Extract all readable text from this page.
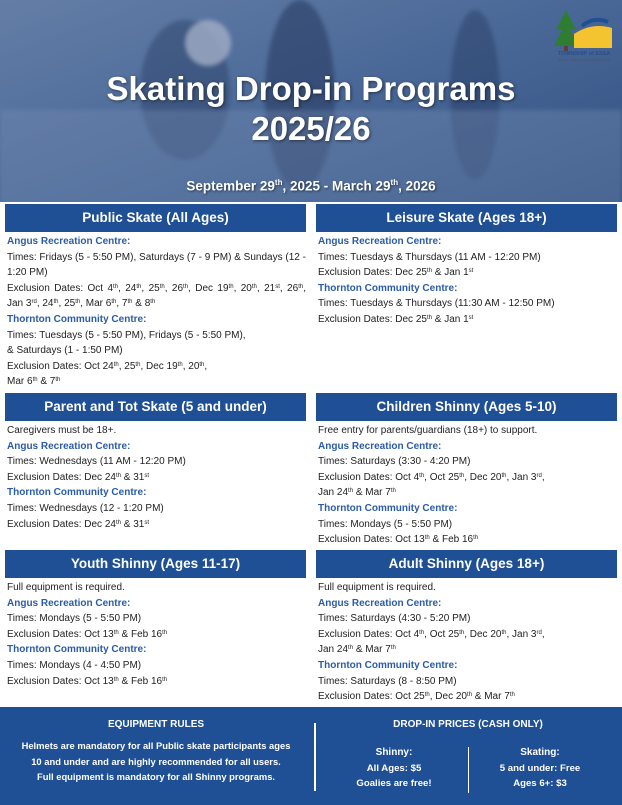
TOWNSHIP of ESSA
Where Town and Country Meet
Skating Drop-in Programs
2025/26
September 29th, 2025 - March 29th, 2026
Public Skate (All Ages)
Angus Recreation Centre:
Times: Fridays (5 - 5:50 PM), Saturdays (7 - 9 PM) & Sundays (12 - 1:20 PM)
Exclusion Dates: Oct 4th, 24th, 25th, 26th, Dec 19th, 20th, 21st, 26th, Jan 3rd, 24th, 25th, Mar 6th, 7th & 8th
Thornton Community Centre:
Times: Tuesdays (5 - 5:50 PM), Fridays (5 - 5:50 PM),
& Saturdays (1 - 1:50 PM)
Exclusion Dates: Oct 24th, 25th, Dec 19th, 20th,
Mar 6th & 7th
Leisure Skate (Ages 18+)
Angus Recreation Centre:
Times: Tuesdays & Thursdays (11 AM - 12:20 PM)
Exclusion Dates: Dec 25th & Jan 1st
Thornton Community Centre:
Times: Tuesdays & Thursdays (11:30 AM - 12:50 PM)
Exclusion Dates: Dec 25th & Jan 1st
Parent and Tot Skate (5 and under)
Caregivers must be 18+.
Angus Recreation Centre:
Times: Wednesdays (11 AM - 12:20 PM)
Exclusion Dates: Dec 24th & 31st
Thornton Community Centre:
Times: Wednesdays (12 - 1:20 PM)
Exclusion Dates: Dec 24th & 31st
Children Shinny (Ages 5-10)
Free entry for parents/guardians (18+) to support.
Angus Recreation Centre:
Times: Saturdays (3:30 - 4:20 PM)
Exclusion Dates: Oct 4th, Oct 25th, Dec 20th, Jan 3rd,
Jan 24th & Mar 7th
Thornton Community Centre:
Times: Mondays (5 - 5:50 PM)
Exclusion Dates: Oct 13th & Feb 16th
Youth Shinny (Ages 11-17)
Full equipment is required.
Angus Recreation Centre:
Times: Mondays (5 - 5:50 PM)
Exclusion Dates: Oct 13th & Feb 16th
Thornton Community Centre:
Times: Mondays (4 - 4:50 PM)
Exclusion Dates: Oct 13th & Feb 16th
Adult Shinny (Ages 18+)
Full equipment is required.
Angus Recreation Centre:
Times: Saturdays (4:30 - 5:20 PM)
Exclusion Dates: Oct 4th, Oct 25th, Dec 20th, Jan 3rd,
Jan 24th & Mar 7th
Thornton Community Centre:
Times: Saturdays (8 - 8:50 PM)
Exclusion Dates: Oct 25th, Dec 20th & Mar 7th
EQUIPMENT RULES
Helmets are mandatory for all Public skate participants ages
10 and under and are highly recommended for all users.
Full equipment is mandatory for all Shinny programs.
DROP-IN PRICES (CASH ONLY)
Shinny:
All Ages: $5
Goalies are free!
Skating:
5 and under: Free
Ages 6+: $3
